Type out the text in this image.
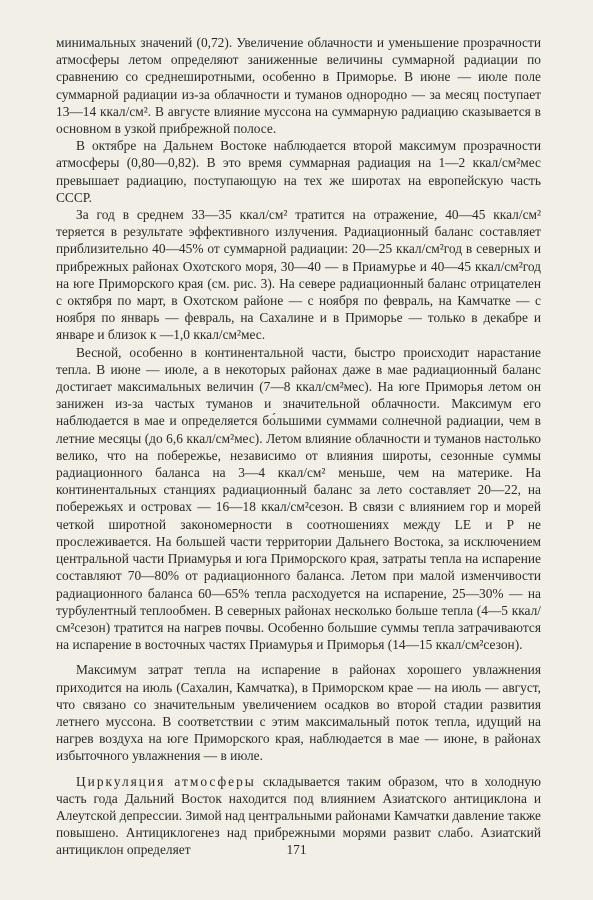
минимальных значений (0,72). Увеличение облачности и уменьшение прозрачности атмосферы летом определяют заниженные величины суммарной радиации по сравнению со среднеширотными, особенно в Приморье. В июне — июле поле суммарной радиации из-за облачности и туманов однородно — за месяц поступает 13—14 ккал/см². В августе влияние муссона на суммарную радиацию сказывается в основном в узкой прибрежной полосе.

В октябре на Дальнем Востоке наблюдается второй максимум прозрачности атмосферы (0,80—0,82). В это время суммарная радиация на 1—2 ккал/см²мес превышает радиацию, поступающую на тех же широтах на европейскую часть СССР.

За год в среднем 33—35 ккал/см² тратится на отражение, 40—45 ккал/см² теряется в результате эффективного излучения. Радиационный баланс составляет приблизительно 40—45% от суммарной радиации: 20—25 ккал/см²год в северных и прибрежных районах Охотского моря, 30—40 — в Приамурье и 40—45 ккал/см²год на юге Приморского края (см. рис. 3). На севере радиационный баланс отрицателен с октября по март, в Охотском районе — с ноября по февраль, на Камчатке — с ноября по январь — февраль, на Сахалине и в Приморье — только в декабре и январе и близок к —1,0 ккал/см²мес.

Весной, особенно в континентальной части, быстро происходит нарастание тепла. В июне — июле, а в некоторых районах даже в мае радиационный баланс достигает максимальных величин (7—8 ккал/см²мес). На юге Приморья летом он занижен из-за частых туманов и значительной облачности. Максимум его наблюдается в мае и определяется бо́льшими суммами солнечной радиации, чем в летние месяцы (до 6,6 ккал/см²мес). Летом влияние облачности и туманов настолько велико, что на побережье, независимо от влияния широты, сезонные суммы радиационного баланса на 3—4 ккал/см² меньше, чем на материке. На континентальных станциях радиационный баланс за лето составляет 20—22, на побережьях и островах — 16—18 ккал/см²сезон. В связи с влиянием гор и морей четкой широтной закономерности в соотношениях между LE и P не прослеживается. На большей части территории Дальнего Востока, за исключением центральной части Приамурья и юга Приморского края, затраты тепла на испарение составляют 70—80% от радиационного баланса. Летом при малой изменчивости радиационного баланса 60—65% тепла расходуется на испарение, 25—30% — на турбулентный теплообмен. В северных районах несколько больше тепла (4—5 ккал/см²сезон) тратится на нагрев почвы. Особенно большие суммы тепла затрачиваются на испарение в восточных частях Приамурья и Приморья (14—15 ккал/см²сезон).

Максимум затрат тепла на испарение в районах хорошего увлажнения приходится на июль (Сахалин, Камчатка), в Приморском крае — на июль — август, что связано со значительным увеличением осадков во второй стадии развития летнего муссона. В соответствии с этим максимальный поток тепла, идущий на нагрев воздуха на юге Приморского края, наблюдается в мае — июне, в районах избыточного увлажнения — в июле.

Циркуляция атмосферы складывается таким образом, что в холодную часть года Дальний Восток находится под влиянием Азиатского антициклона и Алеутской депрессии. Зимой над центральными районами Камчатки давление также повышено. Антициклогенез над прибрежными морями развит слабо. Азиатский антициклон определяет	171
